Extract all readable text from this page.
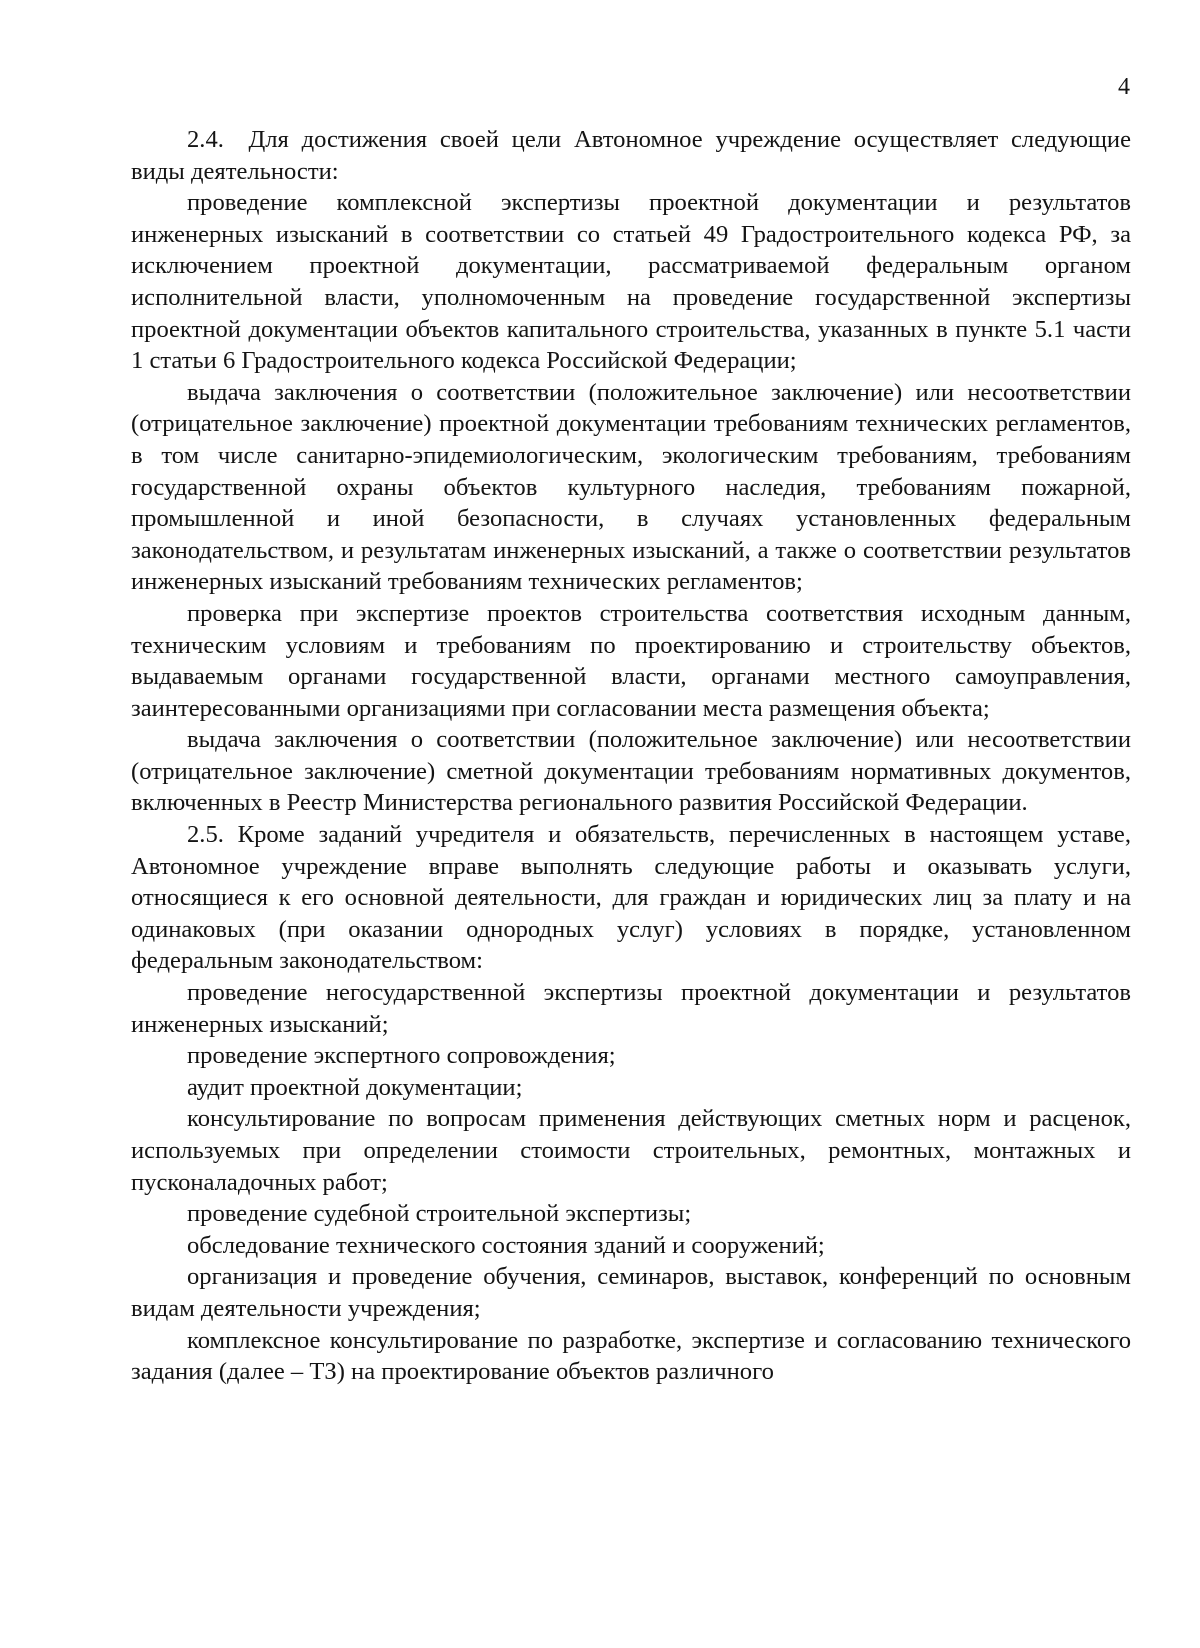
4

2.4. Для достижения своей цели Автономное учреждение осуществляет следующие виды деятельности:

проведение комплексной экспертизы проектной документации и результатов инженерных изысканий в соответствии со статьей 49 Градостроительного кодекса РФ, за исключением проектной документации, рассматриваемой федеральным органом исполнительной власти, уполномоченным на проведение государственной экспертизы проектной документации объектов капитального строительства, указанных в пункте 5.1 части 1 статьи 6 Градостроительного кодекса Российской Федерации;

выдача заключения о соответствии (положительное заключение) или несоответствии (отрицательное заключение) проектной документации требованиям технических регламентов, в том числе санитарно-эпидемиологическим, экологическим требованиям, требованиям государственной охраны объектов культурного наследия, требованиям пожарной, промышленной и иной безопасности, в случаях установленных федеральным законодательством, и результатам инженерных изысканий, а также о соответствии результатов инженерных изысканий требованиям технических регламентов;

проверка при экспертизе проектов строительства соответствия исходным данным, техническим условиям и требованиям по проектированию и строительству объектов, выдаваемым органами государственной власти, органами местного самоуправления, заинтересованными организациями при согласовании места размещения объекта;

выдача заключения о соответствии (положительное заключение) или несоответствии (отрицательное заключение) сметной документации требованиям нормативных документов, включенных в Реестр Министерства регионального развития Российской Федерации.

2.5. Кроме заданий учредителя и обязательств, перечисленных в настоящем уставе, Автономное учреждение вправе выполнять следующие работы и оказывать услуги, относящиеся к его основной деятельности, для граждан и юридических лиц за плату и на одинаковых (при оказании однородных услуг) условиях в порядке, установленном федеральным законодательством:

проведение негосударственной экспертизы проектной документации и результатов инженерных изысканий;

проведение экспертного сопровождения;

аудит проектной документации;

консультирование по вопросам применения действующих сметных норм и расценок, используемых при определении стоимости строительных, ремонтных, монтажных и пусконаладочных работ;

проведение судебной строительной экспертизы;

обследование технического состояния зданий и сооружений;

организация и проведение обучения, семинаров, выставок, конференций по основным видам деятельности учреждения;

комплексное консультирование по разработке, экспертизе и согласованию технического задания (далее – ТЗ) на проектирование объектов различного
